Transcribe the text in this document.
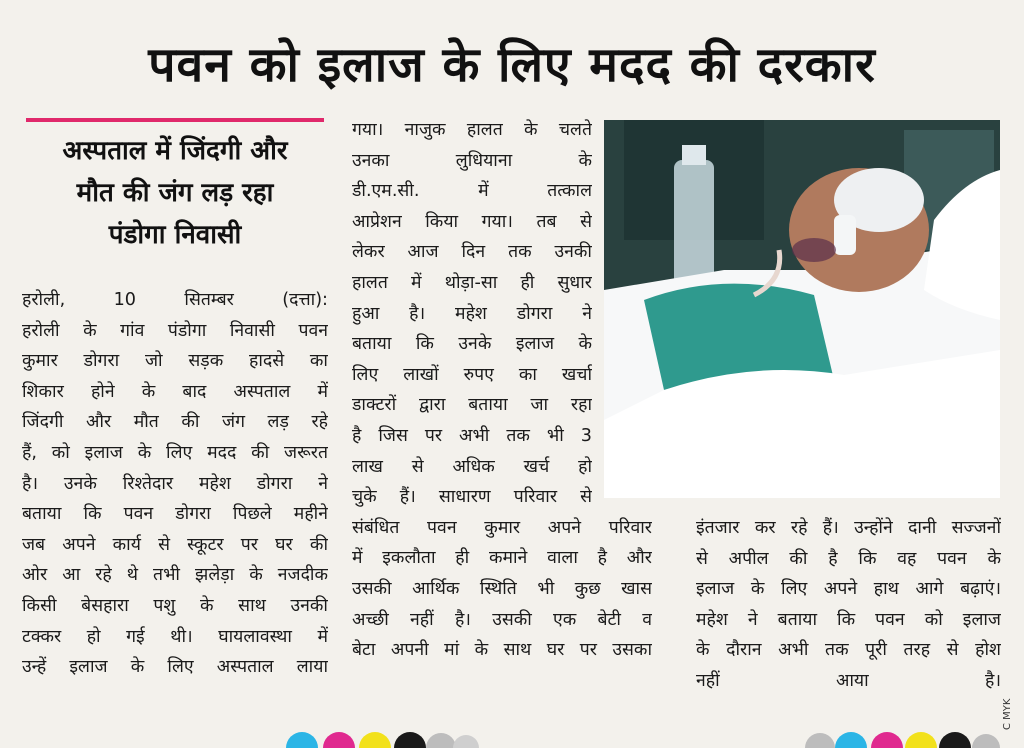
पवन को इलाज के लिए मदद की दरकार
अस्पताल में जिंदगी और
मौत की जंग लड़ रहा
पंडोगा निवासी
हरोली, 10 सितम्बर (दत्ता):
हरोली के गांव पंडोगा निवासी पवन
कुमार डोगरा जो सड़क हादसे का
शिकार होने के बाद अस्पताल में
जिंदगी और मौत की जंग लड़ रहे
हैं, को इलाज के लिए मदद की जरूरत
है। उनके रिश्तेदार महेश डोगरा ने
बताया कि पवन डोगरा पिछले महीने
जब अपने कार्य से स्कूटर पर घर की
ओर आ रहे थे तभी झलेड़ा के नजदीक
किसी बेसहारा पशु के साथ उनकी
टक्कर हो गई थी। घायलावस्था में
उन्हें इलाज के लिए अस्पताल लाया
गया। नाजुक हालत के चलते
उनका लुधियाना के
डी.एम.सी. में तत्काल
आप्रेशन किया गया। तब से
लेकर आज दिन तक उनकी
हालत में थोड़ा-सा ही सुधार
हुआ है। महेश डोगरा ने
बताया कि उनके इलाज के
लिए लाखों रुपए का खर्चा
डाक्टरों द्वारा बताया जा रहा
है जिस पर अभी तक भी 3
लाख से अधिक खर्च हो
चुके हैं। साधारण परिवार से
संबंधित पवन कुमार अपने परिवार
में इकलौता ही कमाने वाला है और
उसकी आर्थिक स्थिति भी कुछ खास
अच्छी नहीं है। उसकी एक बेटी व
बेटा अपनी मां के साथ घर पर उसका
इंतजार कर रहे हैं। उन्होंने दानी सज्जनों
से अपील की है कि वह पवन के
इलाज के लिए अपने हाथ आगे बढ़ाएं।
महेश ने बताया कि पवन को इलाज
के दौरान अभी तक पूरी तरह से होश
नहीं आया है।
C MYK
